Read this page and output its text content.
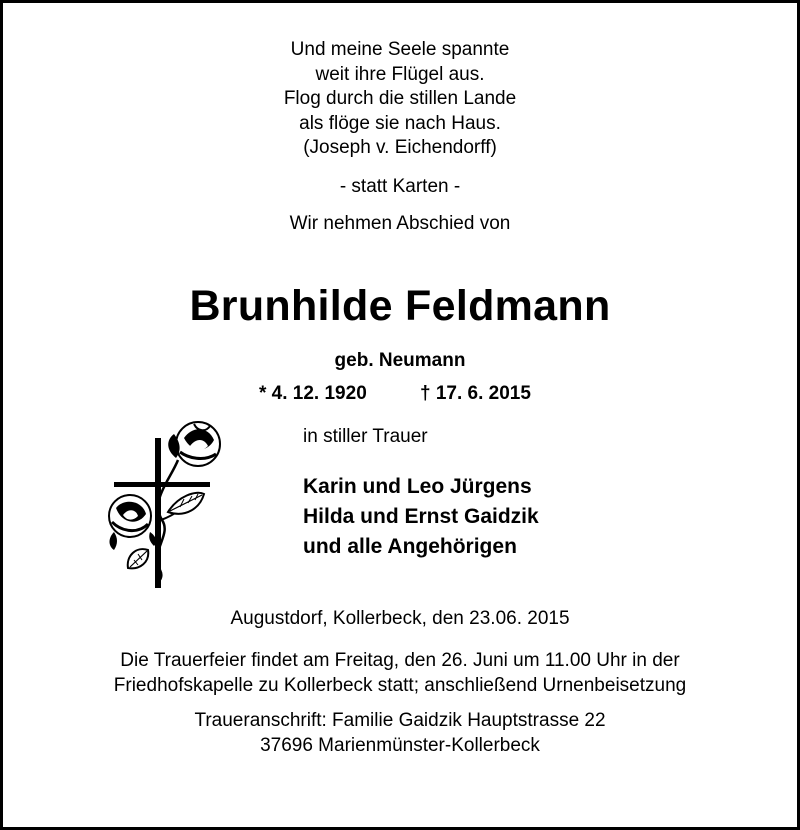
Und meine Seele spannte
weit ihre Flügel aus.
Flog durch die stillen Lande
als flöge sie nach Haus.
(Joseph v. Eichendorff)
- statt Karten -
Wir nehmen Abschied von
Brunhilde Feldmann
geb. Neumann
* 4. 12. 1920	† 17. 6. 2015
in stiller Trauer
Karin und Leo Jürgens
Hilda und Ernst Gaidzik
und alle Angehörigen
Augustdorf, Kollerbeck, den 23.06. 2015
Die Trauerfeier findet am Freitag, den 26. Juni um 11.00 Uhr in der
Friedhofskapelle zu Kollerbeck statt; anschließend Urnenbeisetzung
Traueranschrift: Familie Gaidzik Hauptstrasse 22
37696 Marienmünster-Kollerbeck
